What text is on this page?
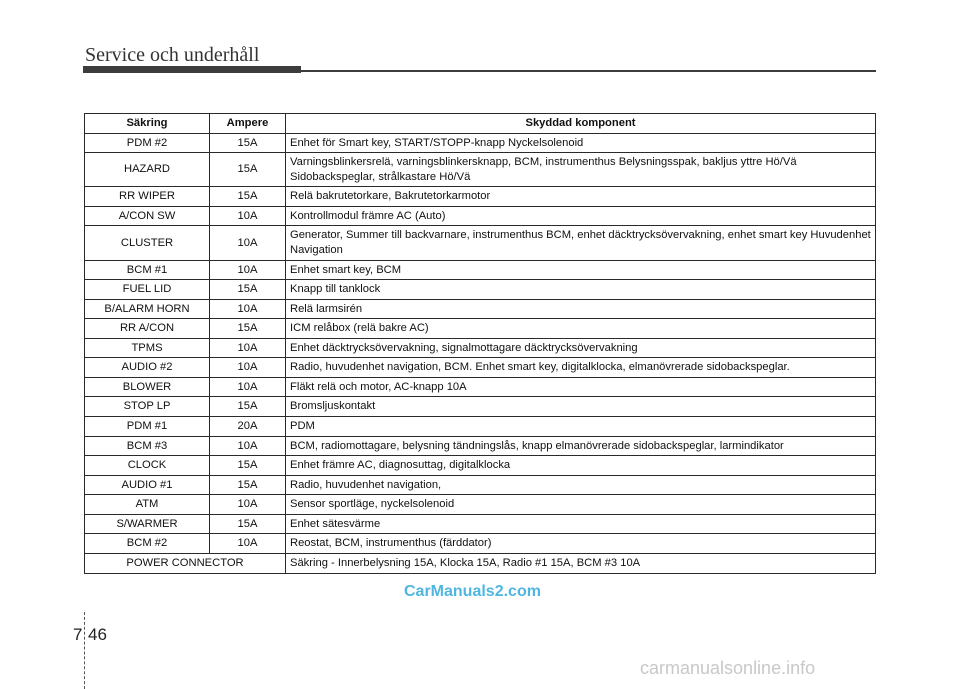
Service och underhåll
Säkring	Ampere	Skyddad komponent
PDM #2	15A	Enhet för Smart key, START/STOPP-knapp Nyckelsolenoid
HAZARD	15A	Varningsblinkersrelä, varningsblinkersknapp, BCM, instrumenthus Belysningsspak, bakljus yttre Hö/Vä Sidobackspeglar, strålkastare Hö/Vä
RR WIPER	15A	Relä bakrutetorkare, Bakrutetorkarmotor
A/CON SW	10A	Kontrollmodul främre AC (Auto)
CLUSTER	10A	Generator, Summer till backvarnare, instrumenthus BCM, enhet däcktrycksövervakning, enhet smart key Huvudenhet Navigation
BCM #1	10A	Enhet smart key, BCM
FUEL LID	15A	Knapp till tanklock
B/ALARM HORN	10A	Relä larmsirén
RR A/CON	15A	ICM relåbox (relä bakre AC)
TPMS	10A	Enhet däcktrycksövervakning, signalmottagare däcktrycksövervakning
AUDIO #2	10A	Radio, huvudenhet navigation, BCM. Enhet smart key, digitalklocka, elmanövrerade sidobackspeglar.
BLOWER	10A	Fläkt relä och motor, AC-knapp 10A
STOP LP	15A	Bromsljuskontakt
PDM #1	20A	PDM
BCM #3	10A	BCM, radiomottagare, belysning tändningslås, knapp elmanövrerade sidobackspeglar, larmindikator
CLOCK	15A	Enhet främre AC, diagnosuttag, digitalklocka
AUDIO #1	15A	Radio, huvudenhet navigation,
ATM	10A	Sensor sportläge, nyckelsolenoid
S/WARMER	15A	Enhet sätesvärme
BCM #2	10A	Reostat, BCM, instrumenthus (färddator)
POWER CONNECTOR		Säkring - Innerbelysning 15A, Klocka 15A, Radio #1 15A, BCM #3 10A
CarManuals2.com
7 46
carmanualsonline.info
